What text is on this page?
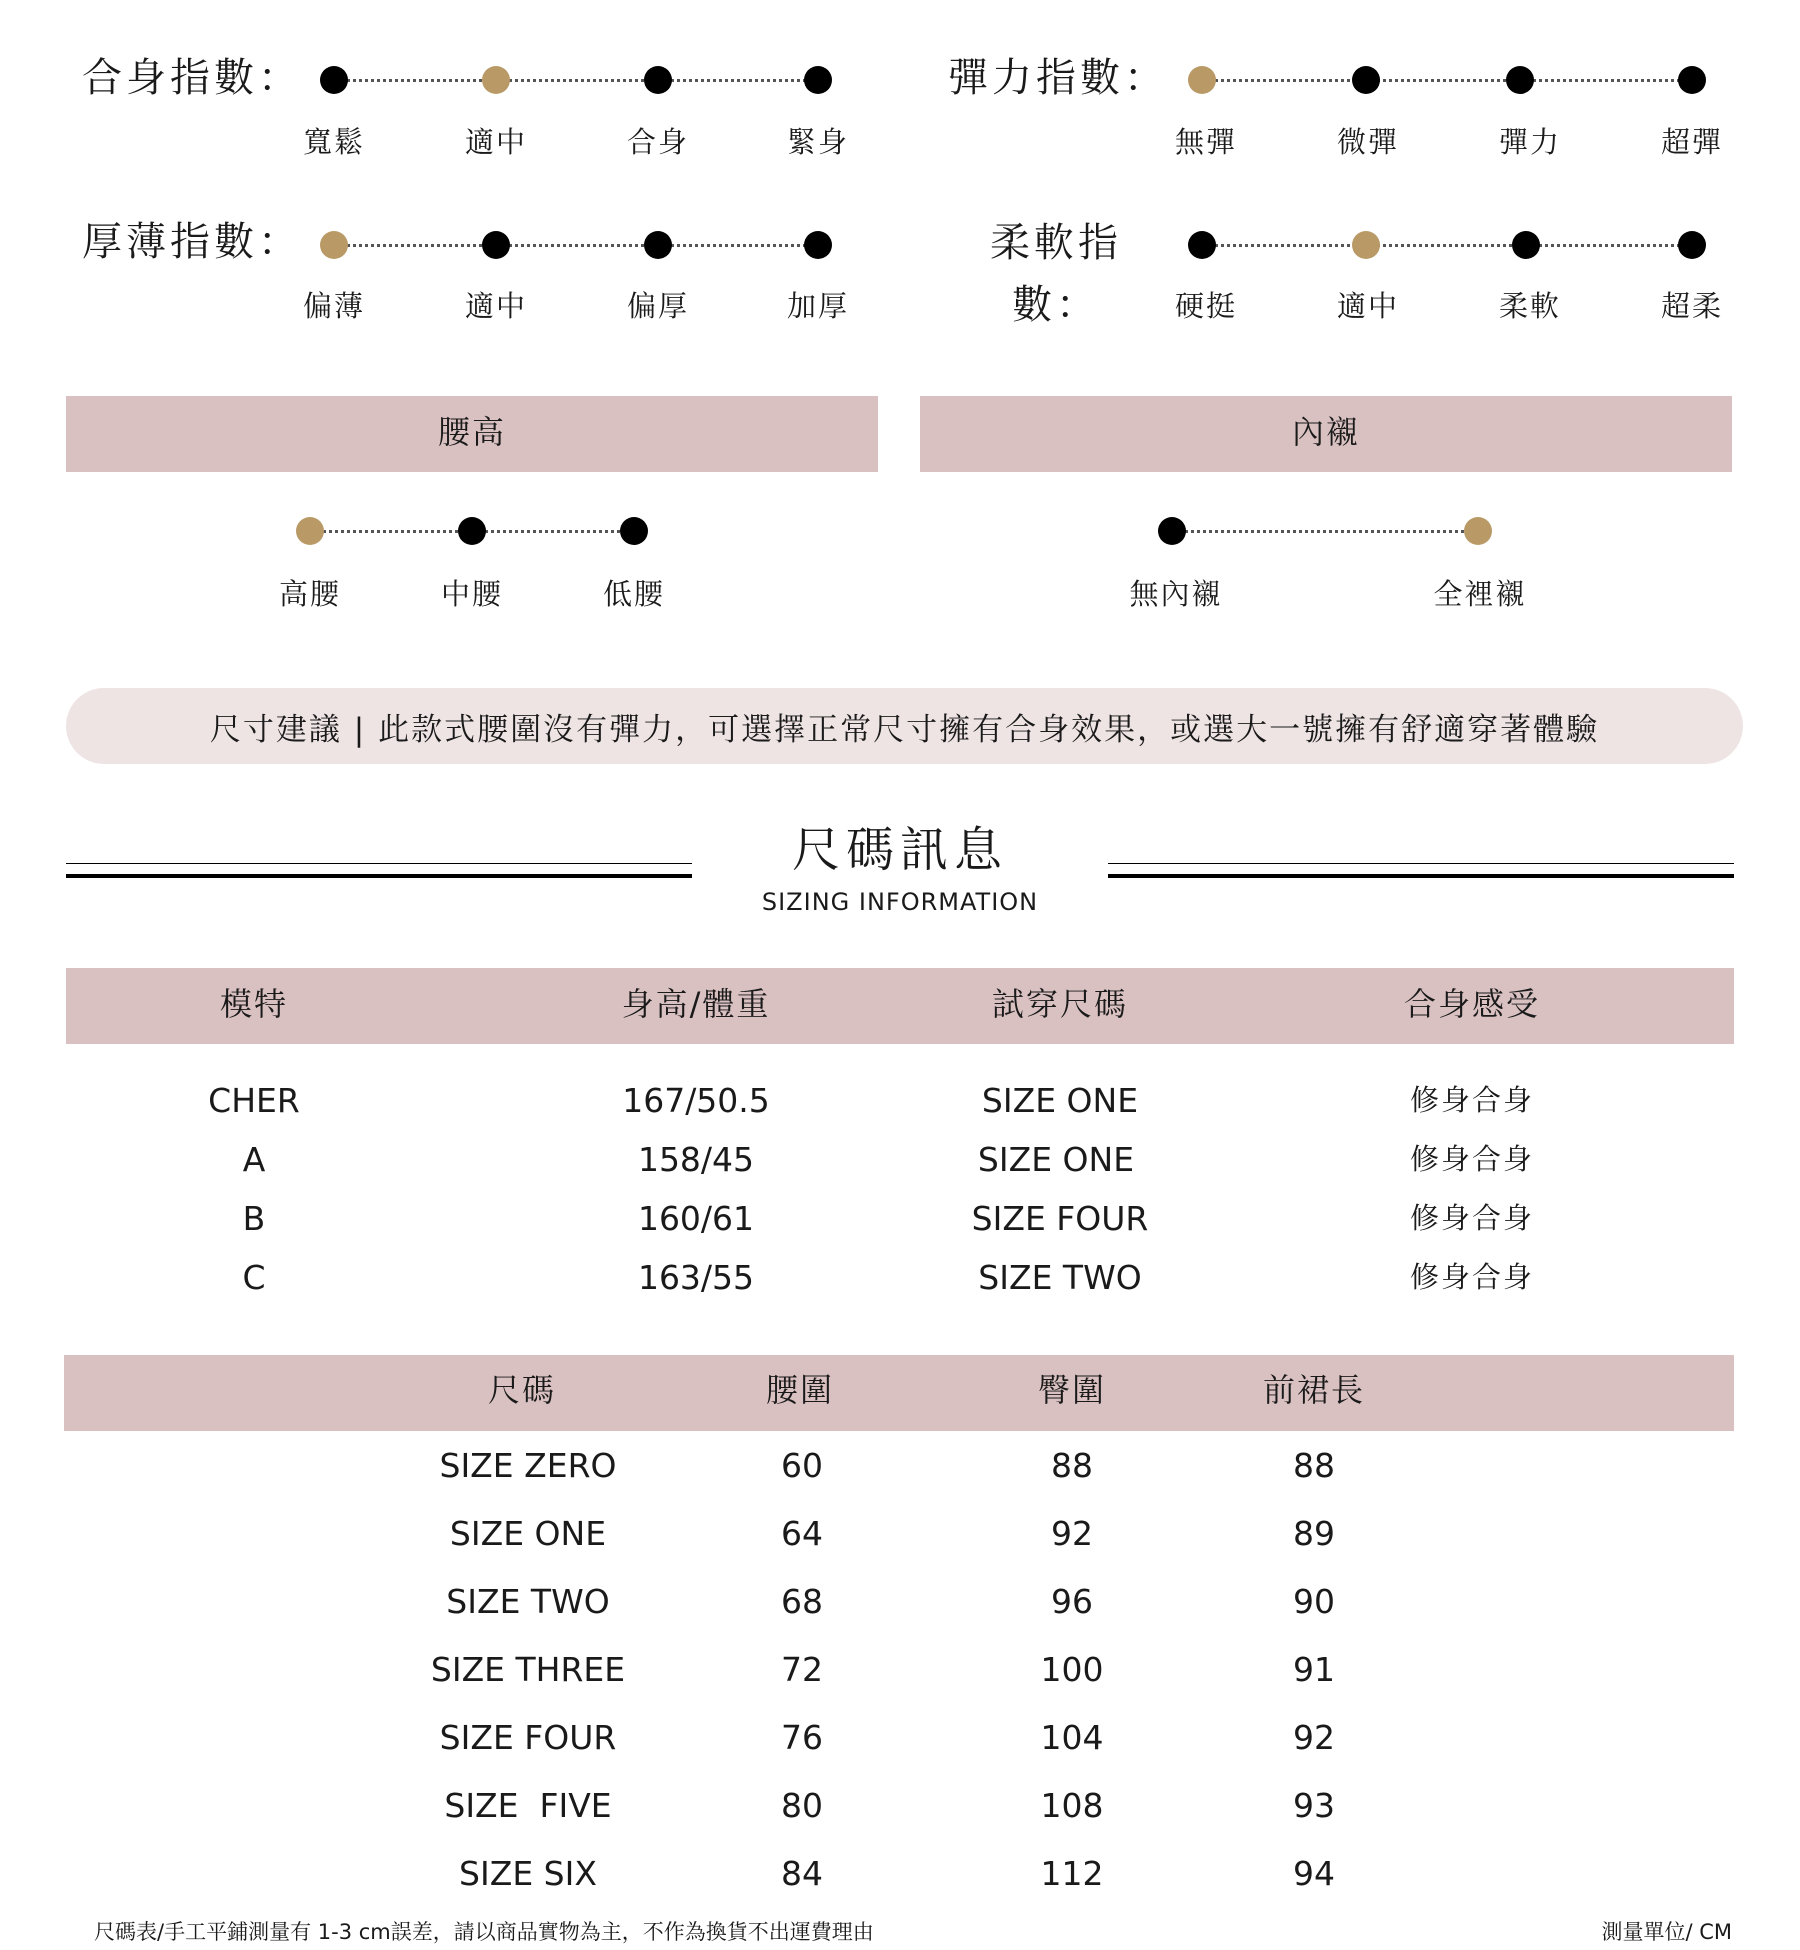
合身指數：
寬鬆	適中	合身	緊身
彈力指數：
無彈	微彈	彈力	超彈
厚薄指數：
偏薄	適中	偏厚	加厚
柔軟指
數：	硬挺	適中	柔軟	超柔
腰高	內襯
高腰	中腰	低腰	無內襯	全裡襯
尺寸建議 | 此款式腰圍沒有彈力，可選擇正常尺寸擁有合身效果，或選大一號擁有舒適穿著體驗
尺碼訊息
SIZING INFORMATION
模特	身高/體重	試穿尺碼	合身感受
CHER	167/50.5	SIZE ONE	修身合身
A	158/45	SIZE ONE	修身合身
B	160/61	SIZE FOUR	修身合身
C	163/55	SIZE TWO	修身合身
尺碼	腰圍	臀圍	前裙長
SIZE ZERO	60	88	88
SIZE ONE	64	92	89
SIZE TWO	68	96	90
SIZE THREE	72	100	91
SIZE FOUR	76	104	92
SIZE  FIVE	80	108	93
SIZE SIX	84	112	94
尺碼表/手工平鋪測量有 1-3 cm誤差，請以商品實物為主，不作為換貨不出運費理由	測量單位/ CM
